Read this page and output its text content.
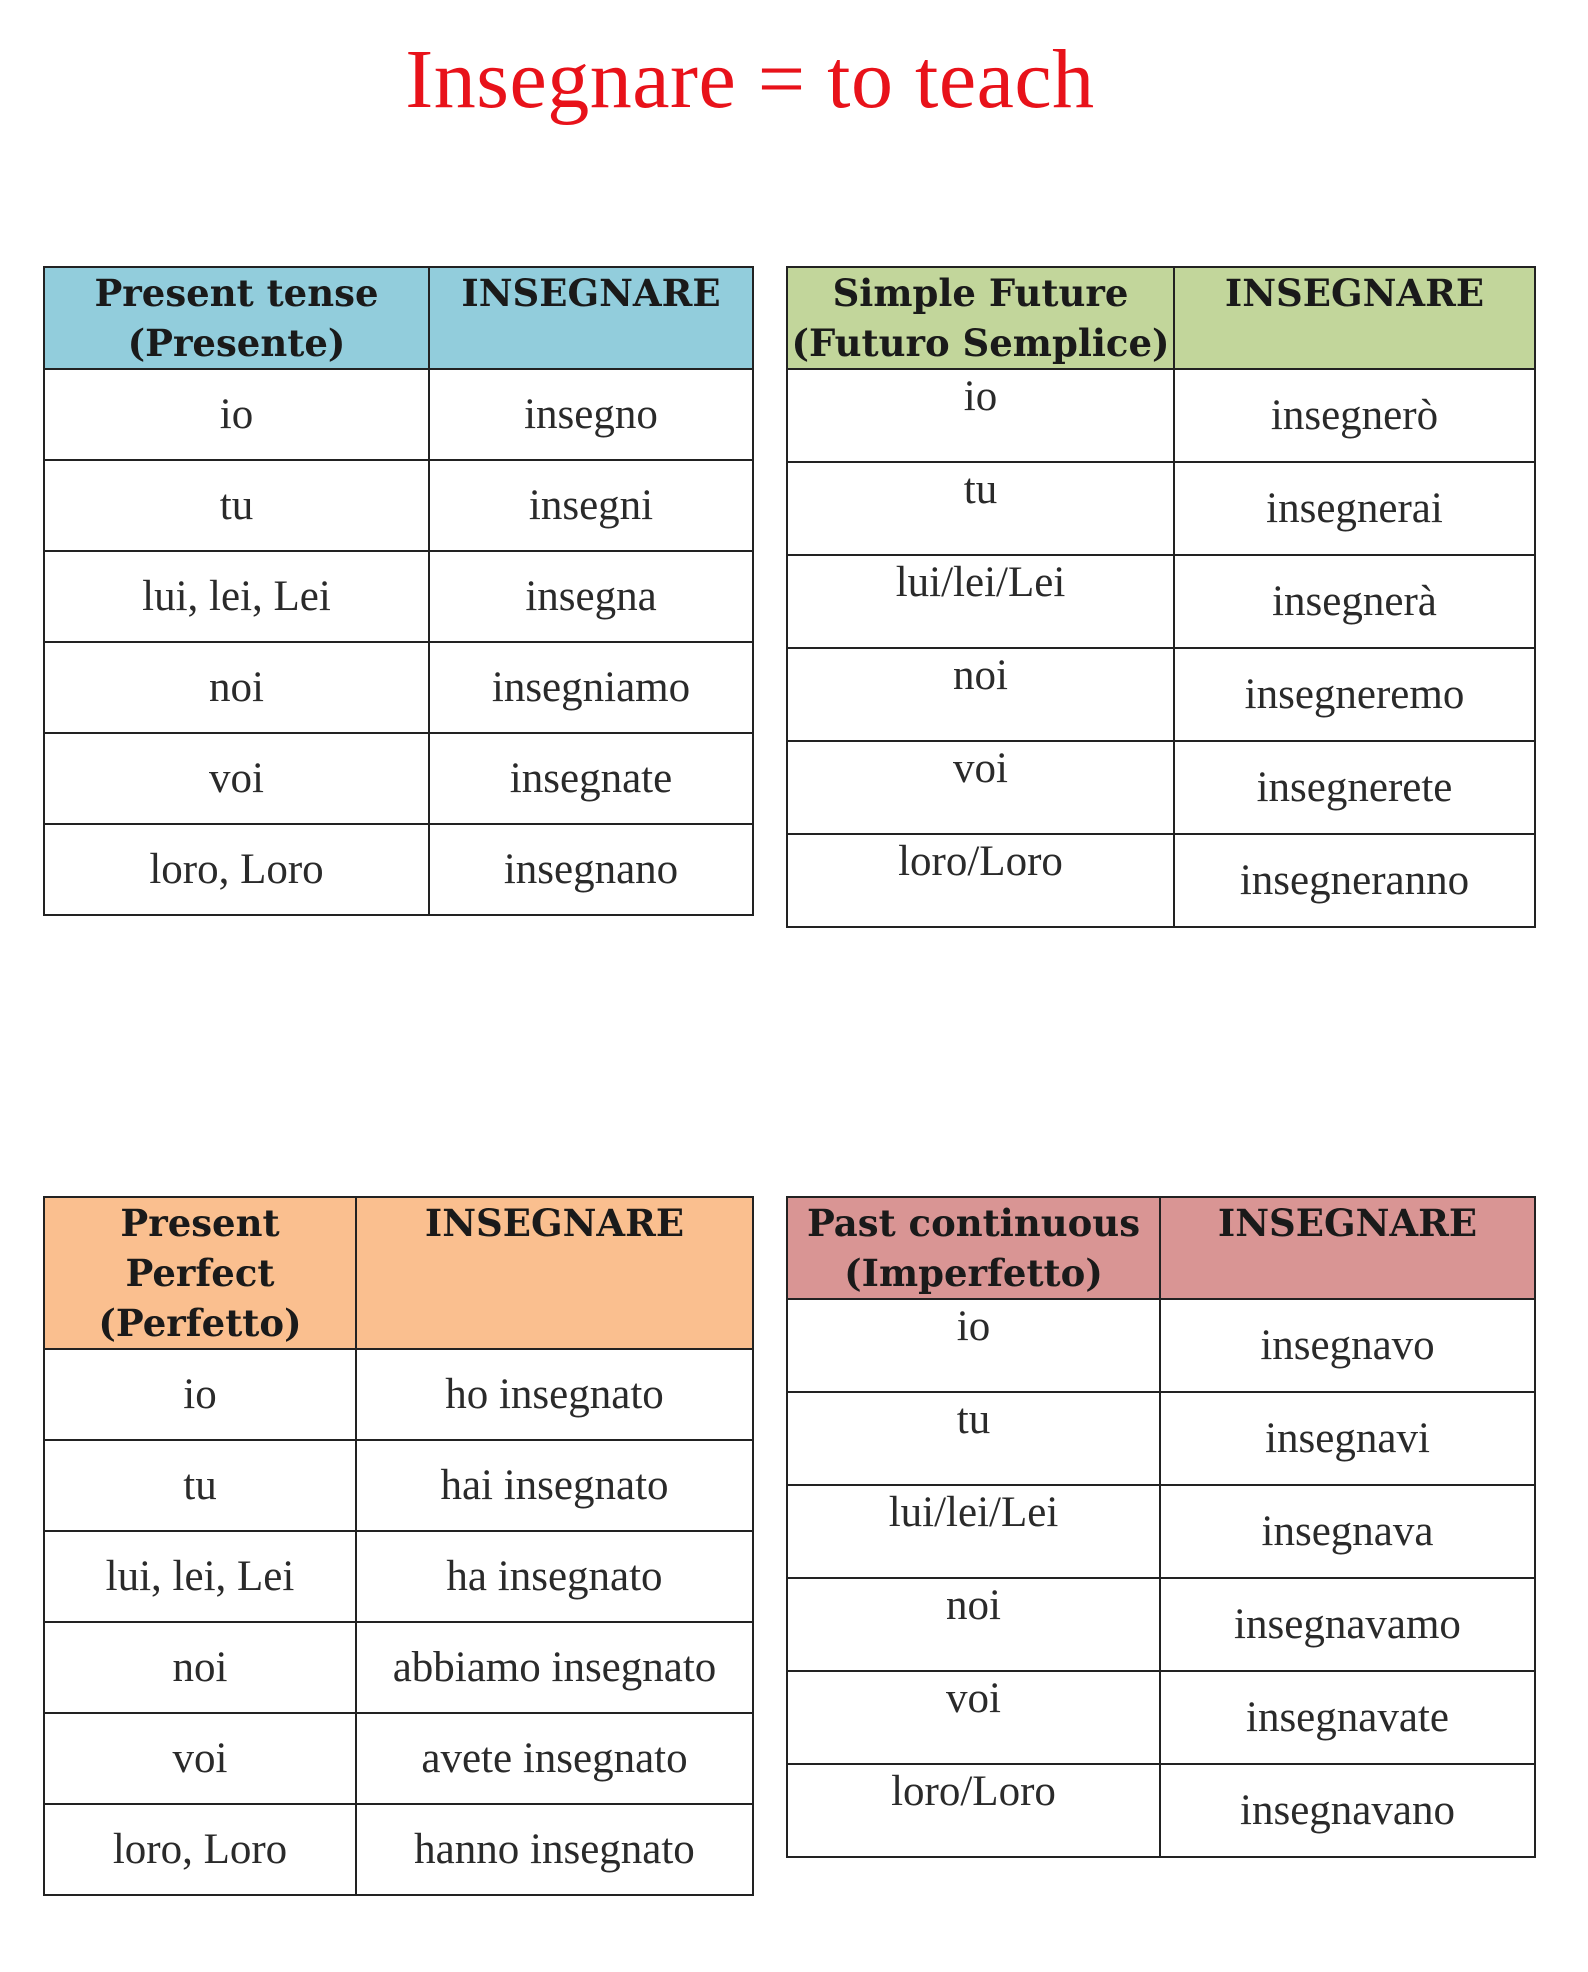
Insegnare = to teach
Present tense
(Presente)	INSEGNARE
io	insegno
tu	insegni
lui, lei, Lei	insegna
noi	insegniamo
voi	insegnate
loro, Loro	insegnano
Simple Future
(Futuro Semplice)	INSEGNARE
io	insegnerò
tu	insegnerai
lui/lei/Lei	insegnerà
noi	insegneremo
voi	insegnerete
loro/Loro	insegneranno
Present Perfect
(Perfetto)	INSEGNARE
io	ho insegnato
tu	hai insegnato
lui, lei, Lei	ha insegnato
noi	abbiamo insegnato
voi	avete insegnato
loro, Loro	hanno insegnato
Past continuous
(Imperfetto)	INSEGNARE
io	insegnavo
tu	insegnavi
lui/lei/Lei	insegnava
noi	insegnavamo
voi	insegnavate
loro/Loro	insegnavano
